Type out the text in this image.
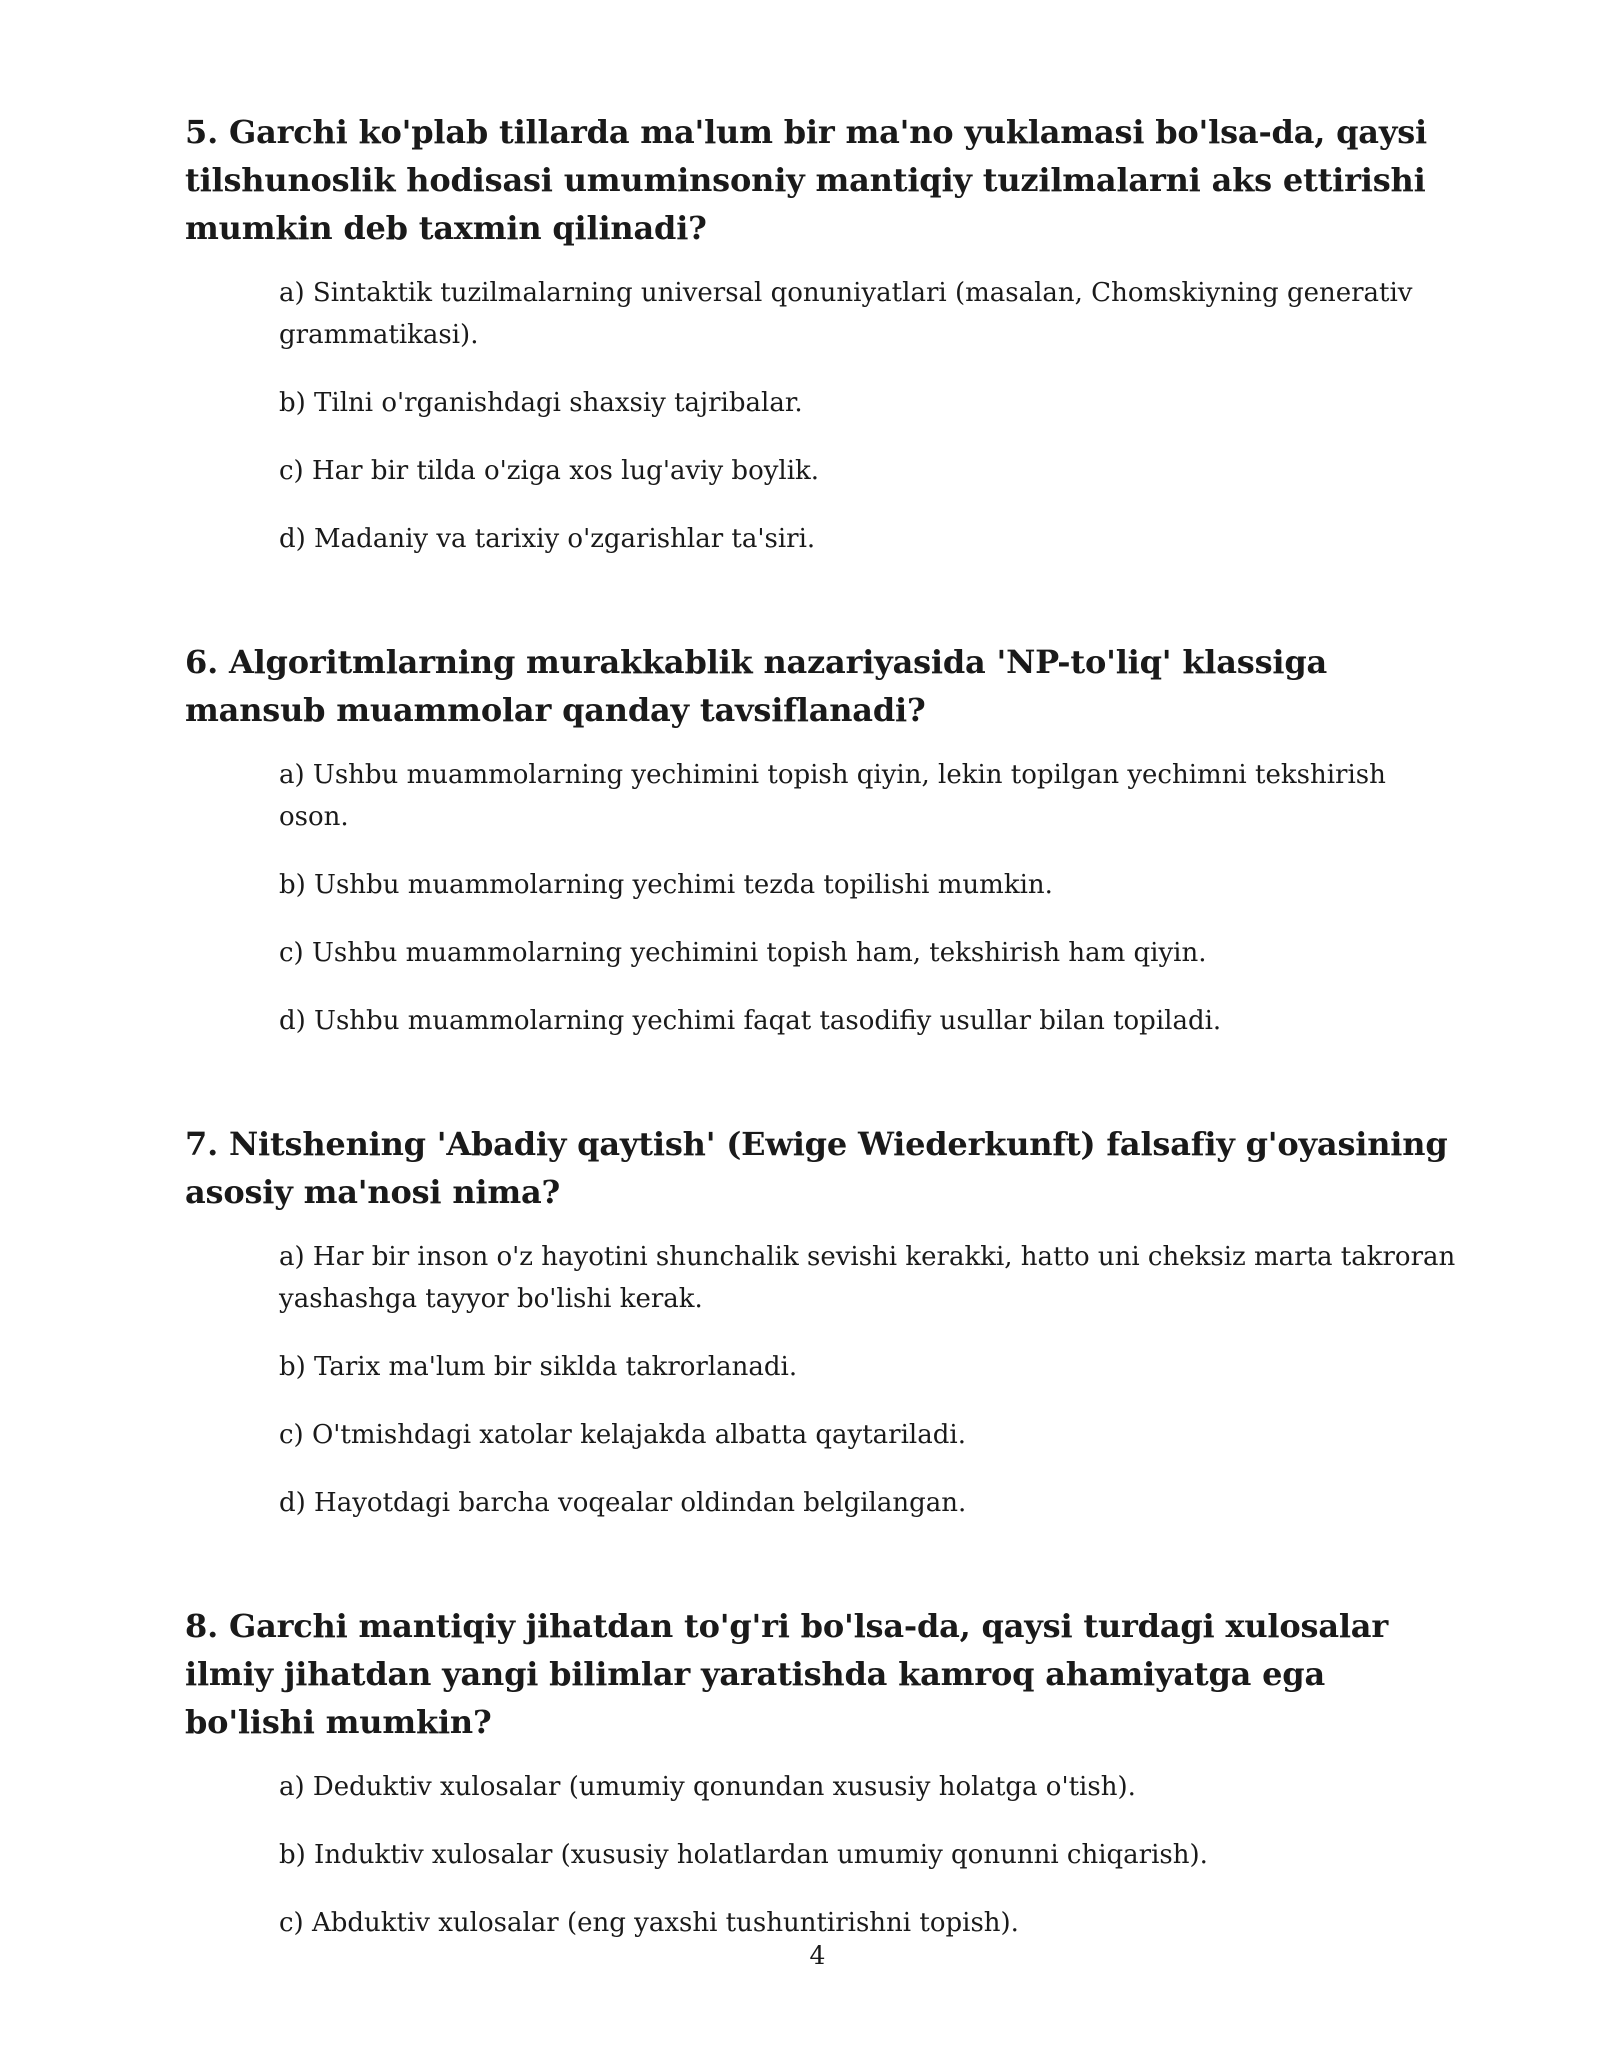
5. Garchi ko'plab tillarda ma'lum bir ma'no yuklamasi bo'lsa-da, qaysi tilshunoslik hodisasi umuminsoniy mantiqiy tuzilmalarni aks ettirishi mumkin deb taxmin qilinadi?
a) Sintaktik tuzilmalarning universal qonuniyatlari (masalan, Chomskiyning generativ grammatikasi).
b) Tilni o'rganishdagi shaxsiy tajribalar.
c) Har bir tilda o'ziga xos lug'aviy boylik.
d) Madaniy va tarixiy o'zgarishlar ta'siri.
6. Algoritmlarning murakkablik nazariyasida 'NP-to'liq' klassiga mansub muammolar qanday tavsiflanadi?
a) Ushbu muammolarning yechimini topish qiyin, lekin topilgan yechimni tekshirish oson.
b) Ushbu muammolarning yechimi tezda topilishi mumkin.
c) Ushbu muammolarning yechimini topish ham, tekshirish ham qiyin.
d) Ushbu muammolarning yechimi faqat tasodifiy usullar bilan topiladi.
7. Nitshening 'Abadiy qaytish' (Ewige Wiederkunft) falsafiy g'oyasining asosiy ma'nosi nima?
a) Har bir inson o'z hayotini shunchalik sevishi kerakki, hatto uni cheksiz marta takroran yashashga tayyor bo'lishi kerak.
b) Tarix ma'lum bir siklda takrorlanadi.
c) O'tmishdagi xatolar kelajakda albatta qaytariladi.
d) Hayotdagi barcha voqealar oldindan belgilangan.
8. Garchi mantiqiy jihatdan to'g'ri bo'lsa-da, qaysi turdagi xulosalar ilmiy jihatdan yangi bilimlar yaratishda kamroq ahamiyatga ega bo'lishi mumkin?
a) Deduktiv xulosalar (umumiy qonundan xususiy holatga o'tish).
b) Induktiv xulosalar (xususiy holatlardan umumiy qonunni chiqarish).
c) Abduktiv xulosalar (eng yaxshi tushuntirishni topish).
4
